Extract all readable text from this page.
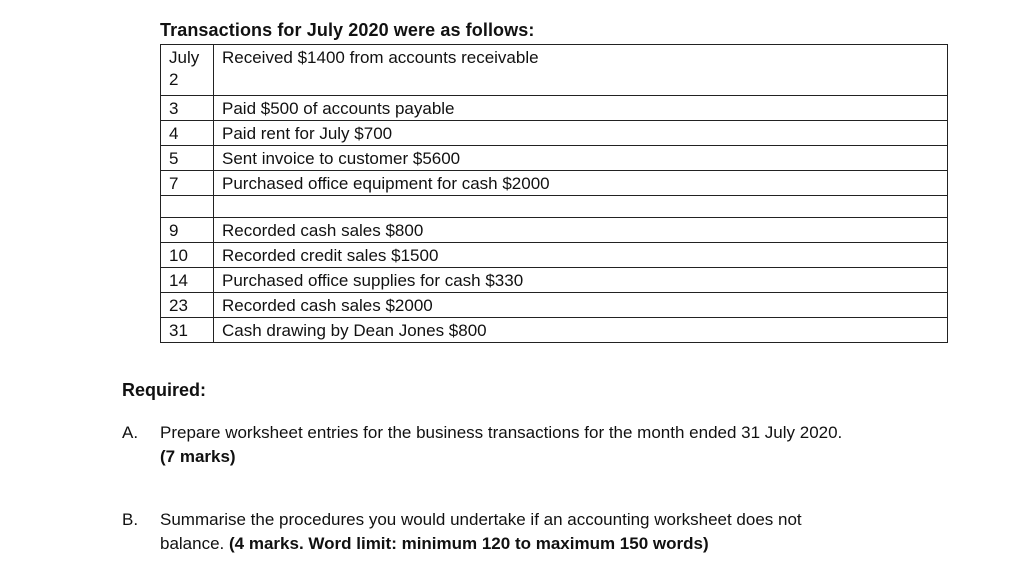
Transactions for July 2020 were as follows:
July
2	Received $1400 from accounts receivable
3	Paid $500 of accounts payable
4	Paid rent for July $700
5	Sent invoice to customer $5600
7	Purchased office equipment for cash $2000

9	Recorded cash sales $800
10	Recorded credit sales $1500
14	Purchased office supplies for cash $330
23	Recorded cash sales $2000
31	Cash drawing by Dean Jones $800
Required:
A. Prepare worksheet entries for the business transactions for the month ended 31 July 2020.
(7 marks)
B. Summarise the procedures you would undertake if an accounting worksheet does not
balance. (4 marks. Word limit: minimum 120 to maximum 150 words)
